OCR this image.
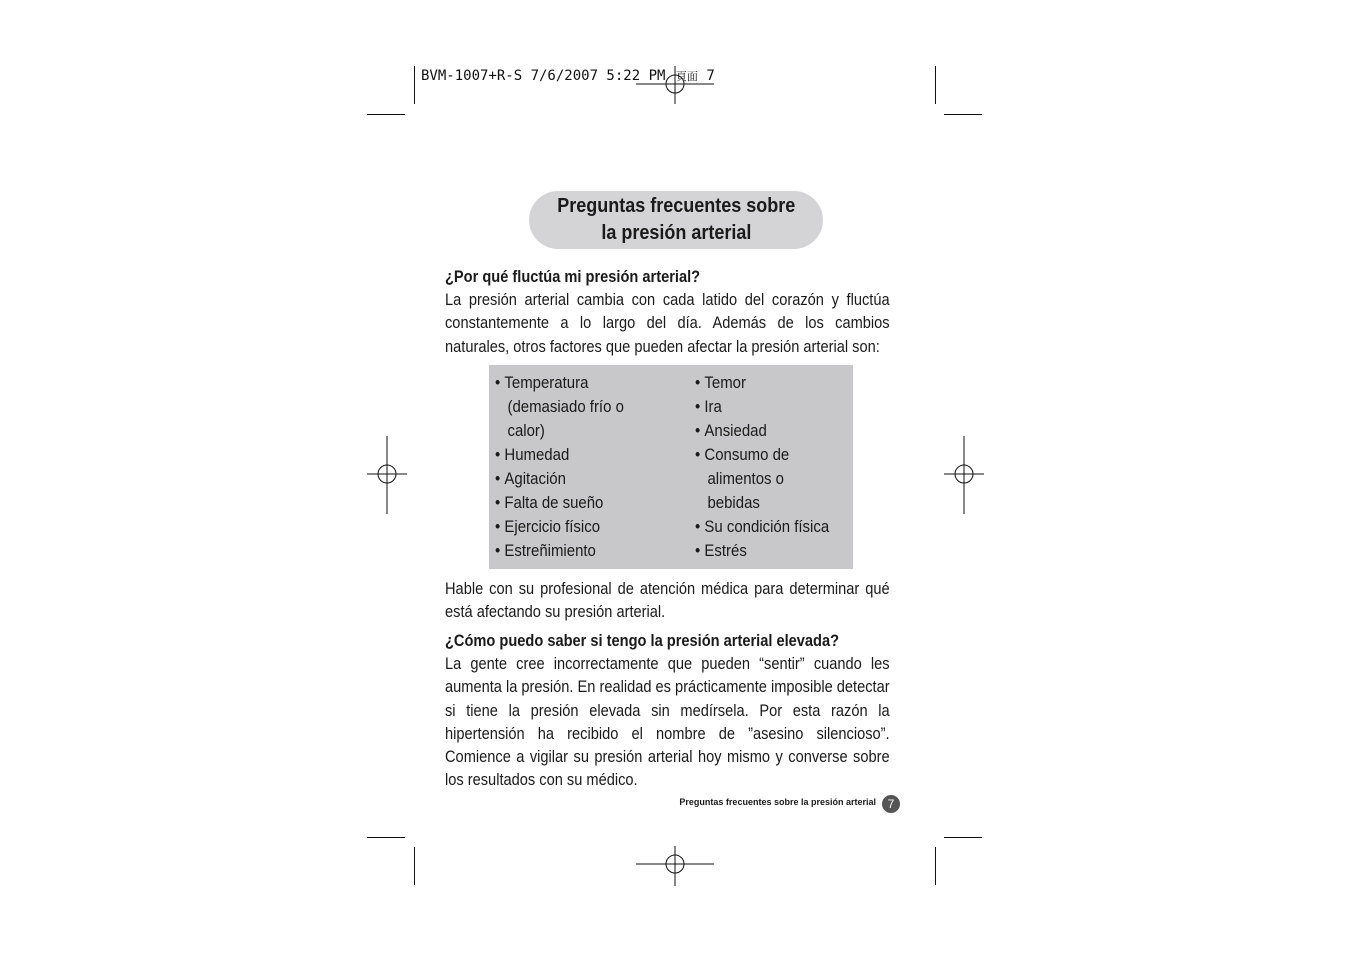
BVM-1007+R-S 7/6/2007 5:22 PM 頁面 7
Preguntas frecuentes sobre
la presión arterial
¿Por qué fluctúa mi presión arterial?
La presión arterial cambia con cada latido del corazón y fluctúa constantemente a lo largo del día. Además de los cambios naturales, otros factores que pueden afectar la presión arterial son:
• Temperatura
(demasiado frío o
calor)
• Humedad
• Agitación
• Falta de sueño
• Ejercicio físico
• Estreñimiento
• Temor
• Ira
• Ansiedad
• Consumo de
alimentos o
bebidas
• Su condición física
• Estrés
Hable con su profesional de atención médica para determinar qué está afectando su presión arterial.
¿Cómo puedo saber si tengo la presión arterial elevada?
La gente cree incorrectamente que pueden “sentir” cuando les aumenta la presión. En realidad es prácticamente imposible detectar si tiene la presión elevada sin medírsela. Por esta razón la hipertensión ha recibido el nombre de ”asesino silencioso”. Comience a vigilar su presión arterial hoy mismo y converse sobre los resultados con su médico.
Preguntas frecuentes sobre la presión arterial 7
